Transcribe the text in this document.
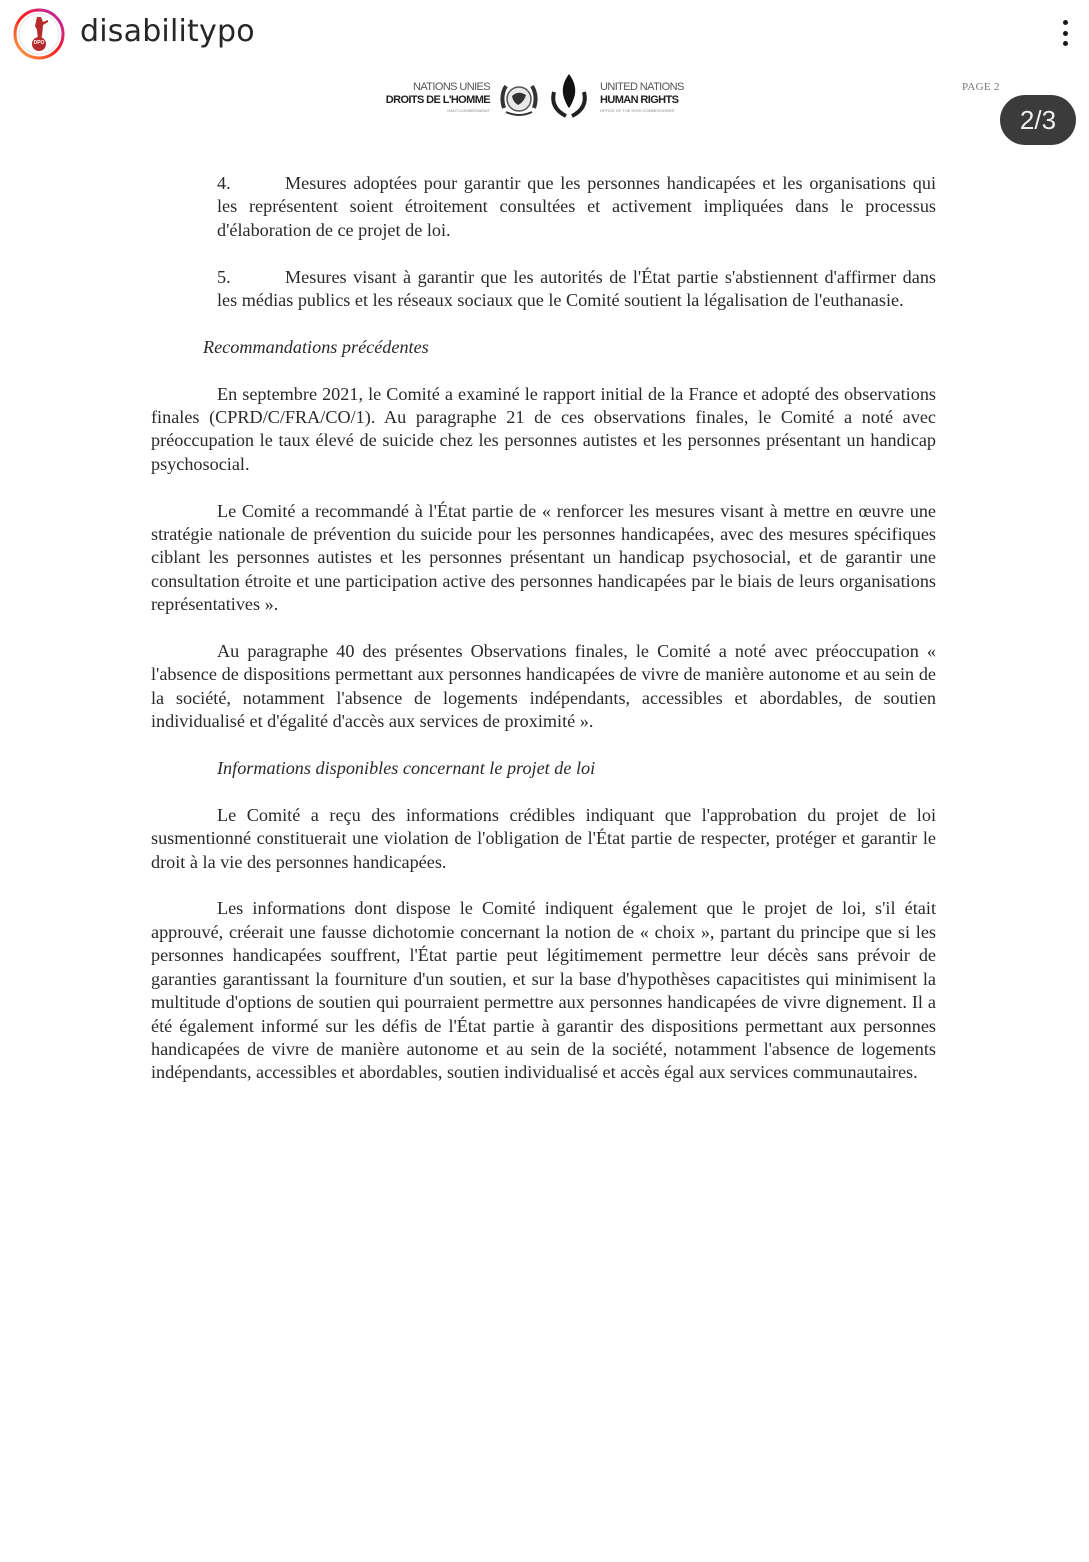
DPO disabilitypo
NATIONS UNIES
DROITS DE L'HOMME
HAUT-COMMISSARIAT
UNITED NATIONS
HUMAN RIGHTS
OFFICE OF THE HIGH COMMISSIONER
PAGE 2
2/3

4.	Mesures adoptées pour garantir que les personnes handicapées et les organisations qui les représentent soient étroitement consultées et activement impliquées dans le processus d'élaboration de ce projet de loi.

5.	Mesures visant à garantir que les autorités de l'État partie s'abstiennent d'affirmer dans les médias publics et les réseaux sociaux que le Comité soutient la légalisation de l'euthanasie.

Recommandations précédentes

En septembre 2021, le Comité a examiné le rapport initial de la France et adopté des observations finales (CPRD/C/FRA/CO/1). Au paragraphe 21 de ces observations finales, le Comité a noté avec préoccupation le taux élevé de suicide chez les personnes autistes et les personnes présentant un handicap psychosocial.

Le Comité a recommandé à l'État partie de « renforcer les mesures visant à mettre en œuvre une stratégie nationale de prévention du suicide pour les personnes handicapées, avec des mesures spécifiques ciblant les personnes autistes et les personnes présentant un handicap psychosocial, et de garantir une consultation étroite et une participation active des personnes handicapées par le biais de leurs organisations représentatives ».

Au paragraphe 40 des présentes Observations finales, le Comité a noté avec préoccupation « l'absence de dispositions permettant aux personnes handicapées de vivre de manière autonome et au sein de la société, notamment l'absence de logements indépendants, accessibles et abordables, de soutien individualisé et d'égalité d'accès aux services de proximité ».

Informations disponibles concernant le projet de loi

Le Comité a reçu des informations crédibles indiquant que l'approbation du projet de loi susmentionné constituerait une violation de l'obligation de l'État partie de respecter, protéger et garantir le droit à la vie des personnes handicapées.

Les informations dont dispose le Comité indiquent également que le projet de loi, s'il était approuvé, créerait une fausse dichotomie concernant la notion de « choix », partant du principe que si les personnes handicapées souffrent, l'État partie peut légitimement permettre leur décès sans prévoir de garanties garantissant la fourniture d'un soutien, et sur la base d'hypothèses capacitistes qui minimisent la multitude d'options de soutien qui pourraient permettre aux personnes handicapées de vivre dignement. Il a été également informé sur les défis de l'État partie à garantir des dispositions permettant aux personnes handicapées de vivre de manière autonome et au sein de la société, notamment l'absence de logements indépendants, accessibles et abordables, soutien individualisé et accès égal aux services communautaires.
